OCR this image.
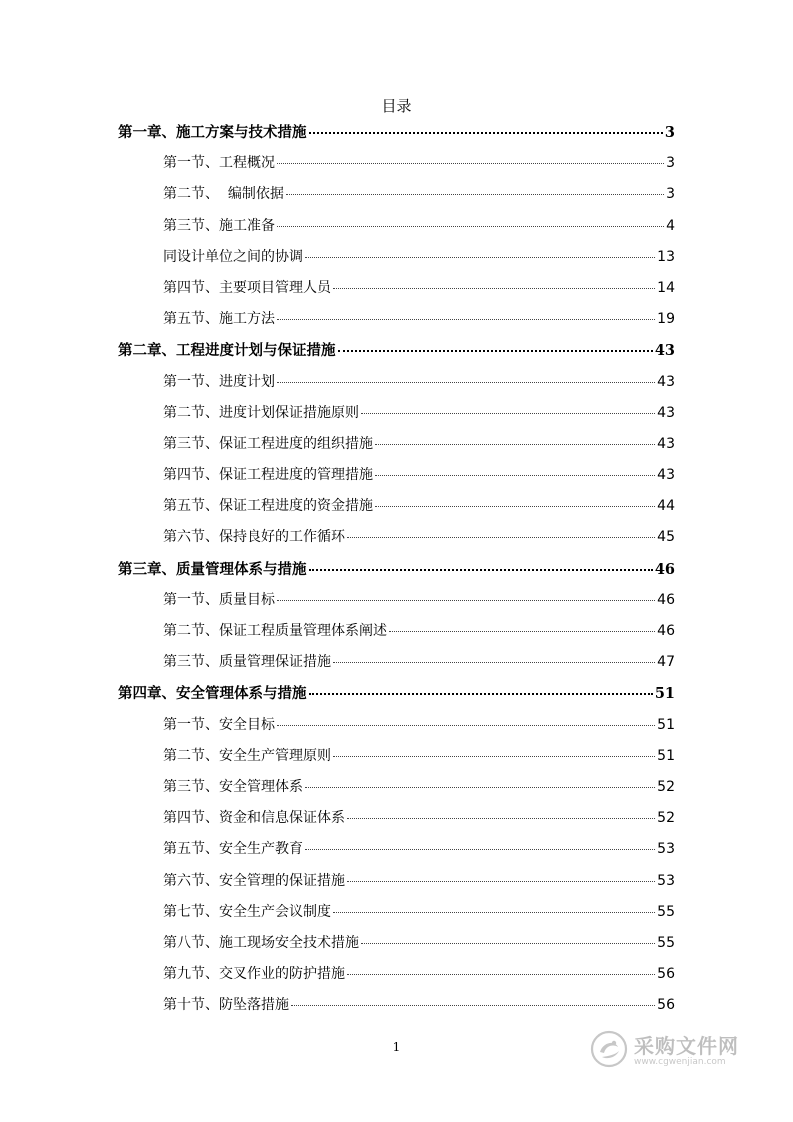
目录
第一章、施工方案与技术措施	3
第一节、工程概况	3
第二节、  编制依据	3
第三节、施工准备	4
同设计单位之间的协调	13
第四节、主要项目管理人员	14
第五节、施工方法	19
第二章、工程进度计划与保证措施	43
第一节、进度计划	43
第二节、进度计划保证措施原则	43
第三节、保证工程进度的组织措施	43
第四节、保证工程进度的管理措施	43
第五节、保证工程进度的资金措施	44
第六节、保持良好的工作循环	45
第三章、质量管理体系与措施	46
第一节、质量目标	46
第二节、保证工程质量管理体系阐述	46
第三节、质量管理保证措施	47
第四章、安全管理体系与措施	51
第一节、安全目标	51
第二节、安全生产管理原则	51
第三节、安全管理体系	52
第四节、资金和信息保证体系	52
第五节、安全生产教育	53
第六节、安全管理的保证措施	53
第七节、安全生产会议制度	55
第八节、施工现场安全技术措施	55
第九节、交叉作业的防护措施	56
第十节、防坠落措施	56
1	采购文件网
www.cgwenjian.com
